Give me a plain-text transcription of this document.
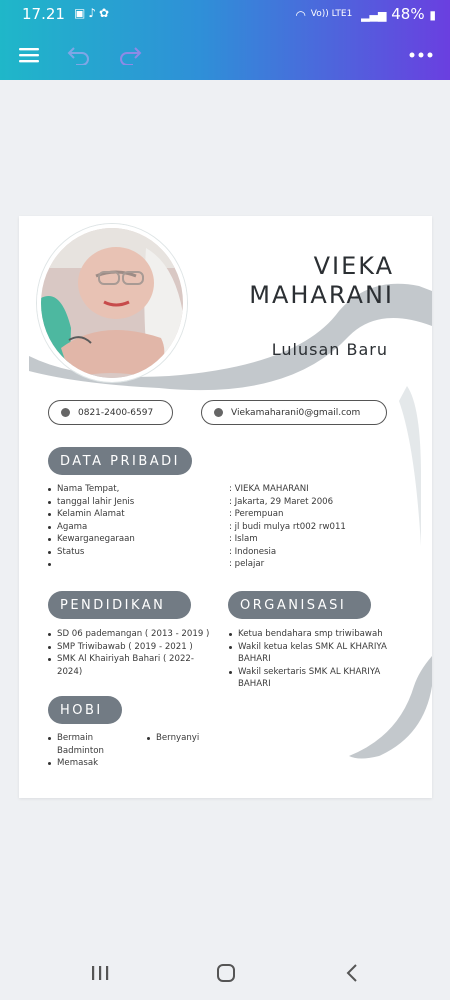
17.21 ▣♪✿	◠ $^{Vo)) LTE1}$ ▂▄▆ 48% ▮
VIEKA
MAHARANI
Lulusan Baru
0821-2400-6597	Viekamaharani0@gmail.com
DATA PRIBADI
Nama Tempat,
tanggal lahir Jenis
Kelamin Alamat
Agama
Kewarganegaraan
Status
: VIEKA MAHARANI
: Jakarta, 29 Maret 2006
: Perempuan
: jl budi mulya rt002 rw011
: Islam
: Indonesia
: pelajar
PENDIDIKAN
SD 06 pademangan ( 2013 - 2019 )
SMP Triwibawab ( 2019 - 2021 )
SMK Al Khairiyah Bahari ( 2022-2024)
ORGANISASI
Ketua bendahara smp triwibawah
Wakil ketua kelas SMK AL KHARIYA BAHARI
Wakil sekertaris SMK AL KHARIYA BAHARI
HOBI
Bermain Badminton
Memasak
Bernyanyi
